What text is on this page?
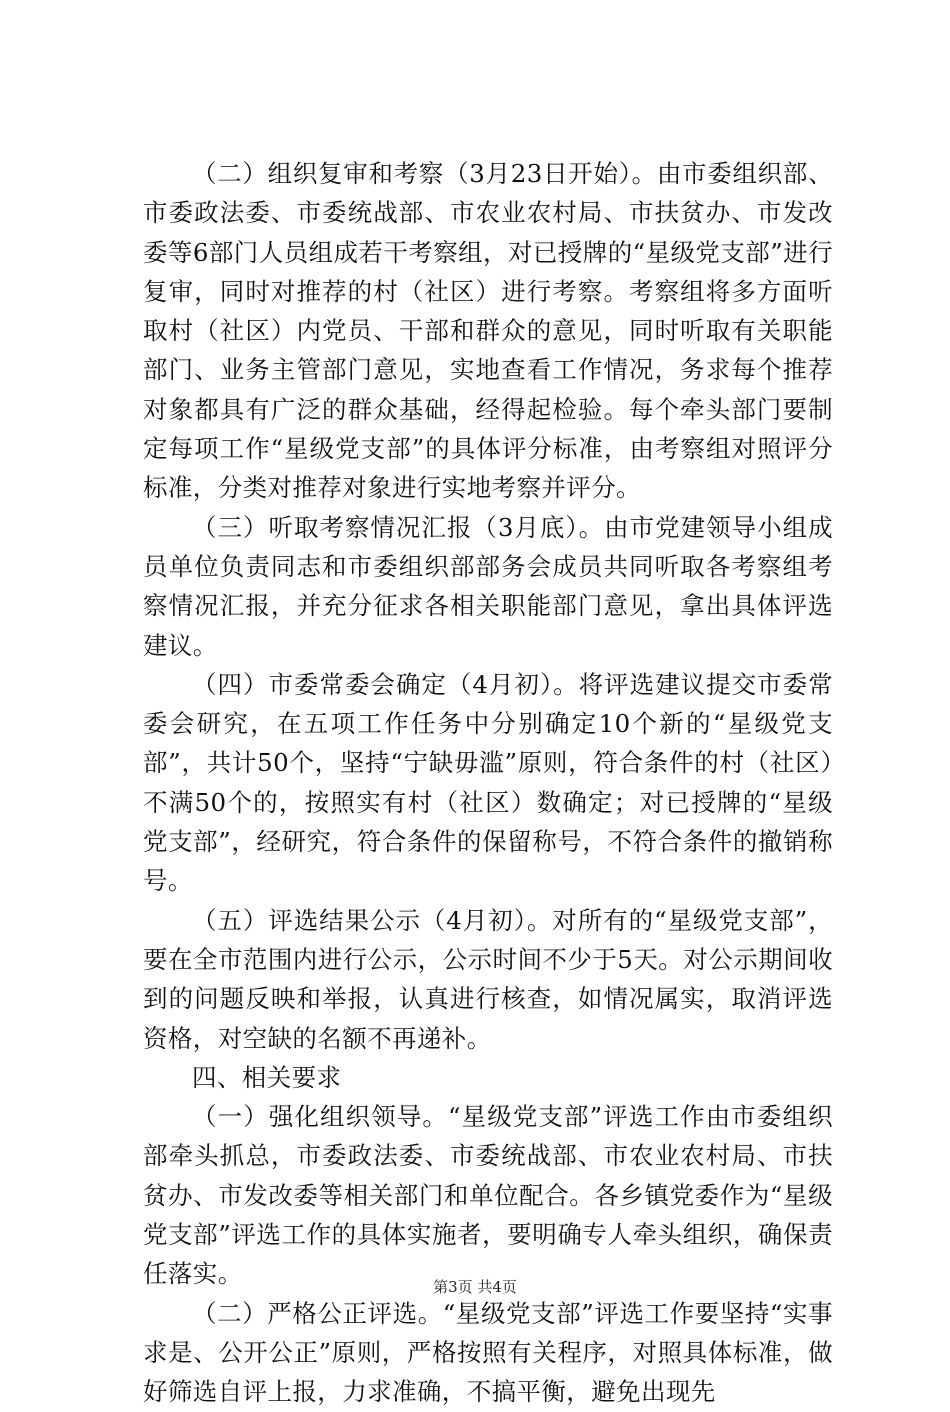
（二）组织复审和考察（3月23日开始）。由市委组织部、市委政法委、市委统战部、市农业农村局、市扶贫办、市发改委等6部门人员组成若干考察组，对已授牌的“星级党支部”进行复审，同时对推荐的村（社区）进行考察。考察组将多方面听取村（社区）内党员、干部和群众的意见，同时听取有关职能部门、业务主管部门意见，实地查看工作情况，务求每个推荐对象都具有广泛的群众基础，经得起检验。每个牵头部门要制定每项工作“星级党支部”的具体评分标准，由考察组对照评分标准，分类对推荐对象进行实地考察并评分。

（三）听取考察情况汇报（3月底）。由市党建领导小组成员单位负责同志和市委组织部部务会成员共同听取各考察组考察情况汇报，并充分征求各相关职能部门意见，拿出具体评选建议。

（四）市委常委会确定（4月初）。将评选建议提交市委常委会研究，在五项工作任务中分别确定10个新的“星级党支部”，共计50个，坚持“宁缺毋滥”原则，符合条件的村（社区）不满50个的，按照实有村（社区）数确定；对已授牌的“星级党支部”，经研究，符合条件的保留称号，不符合条件的撤销称号。

（五）评选结果公示（4月初）。对所有的“星级党支部”，要在全市范围内进行公示，公示时间不少于5天。对公示期间收到的问题反映和举报，认真进行核查，如情况属实，取消评选资格，对空缺的名额不再递补。

四、相关要求

（一）强化组织领导。“星级党支部”评选工作由市委组织部牵头抓总，市委政法委、市委统战部、市农业农村局、市扶贫办、市发改委等相关部门和单位配合。各乡镇党委作为“星级党支部”评选工作的具体实施者，要明确专人牵头组织，确保责任落实。

（二）严格公正评选。“星级党支部”评选工作要坚持“实事求是、公开公正”原则，严格按照有关程序，对照具体标准，做好筛选自评上报，力求准确，不搞平衡，避免出现先

第3页 共4页
